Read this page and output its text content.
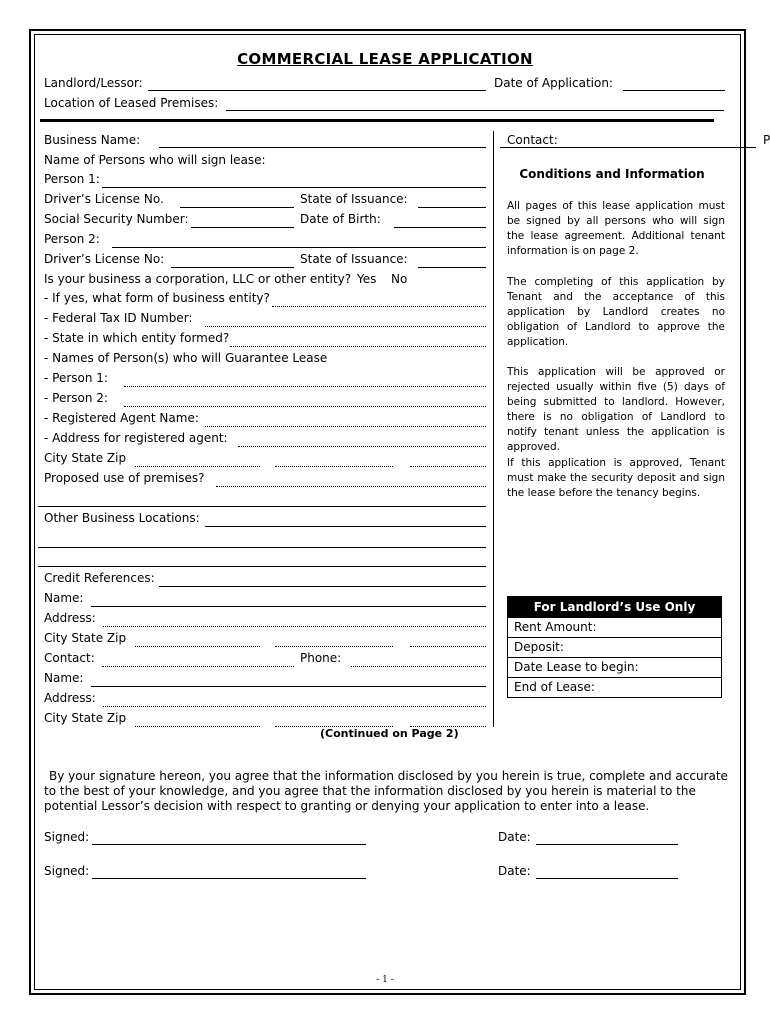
COMMERCIAL LEASE APPLICATION
Landlord/Lessor:	Date of Application:
Location of Leased Premises:
Business Name:
Name of Persons who will sign lease:
Person 1:
Driver’s License No.	State of Issuance:
Social Security Number:	Date of Birth:
Person 2:
Driver’s License No:	State of Issuance:
Is your business a corporation, LLC or other entity? Yes No
- If yes, what form of business entity?
- Federal Tax ID Number:
- State in which entity formed?
- Names of Person(s) who will Guarantee Lease
- Person 1:
- Person 2:
- Registered Agent Name:
- Address for registered agent:
City State Zip
Proposed use of premises?
Other Business Locations:
Credit References:
Name:
Address:
City State Zip
Contact:	Phone:
Name:
Address:
City State Zip
Contact:	P
Conditions and Information
All pages of this lease application must be signed by all persons who will sign the lease agreement. Additional tenant information is on page 2.
The completing of this application by Tenant and the acceptance of this application by Landlord creates no obligation of Landlord to approve the application.
This application will be approved or rejected usually within five (5) days of being submitted to landlord. However, there is no obligation of Landlord to notify tenant unless the application is approved.
If this application is approved, Tenant must make the security deposit and sign the lease before the tenancy begins.
For Landlord’s Use Only
Rent Amount:
Deposit:
Date Lease to begin:
End of Lease:
(Continued on Page 2)
By your signature hereon, you agree that the information disclosed by you herein is true, complete and accurate to the best of your knowledge, and you agree that the information disclosed by you herein is material to the potential Lessor’s decision with respect to granting or denying your application to enter into a lease.
Signed:	Date:
Signed:	Date:
- 1 -
